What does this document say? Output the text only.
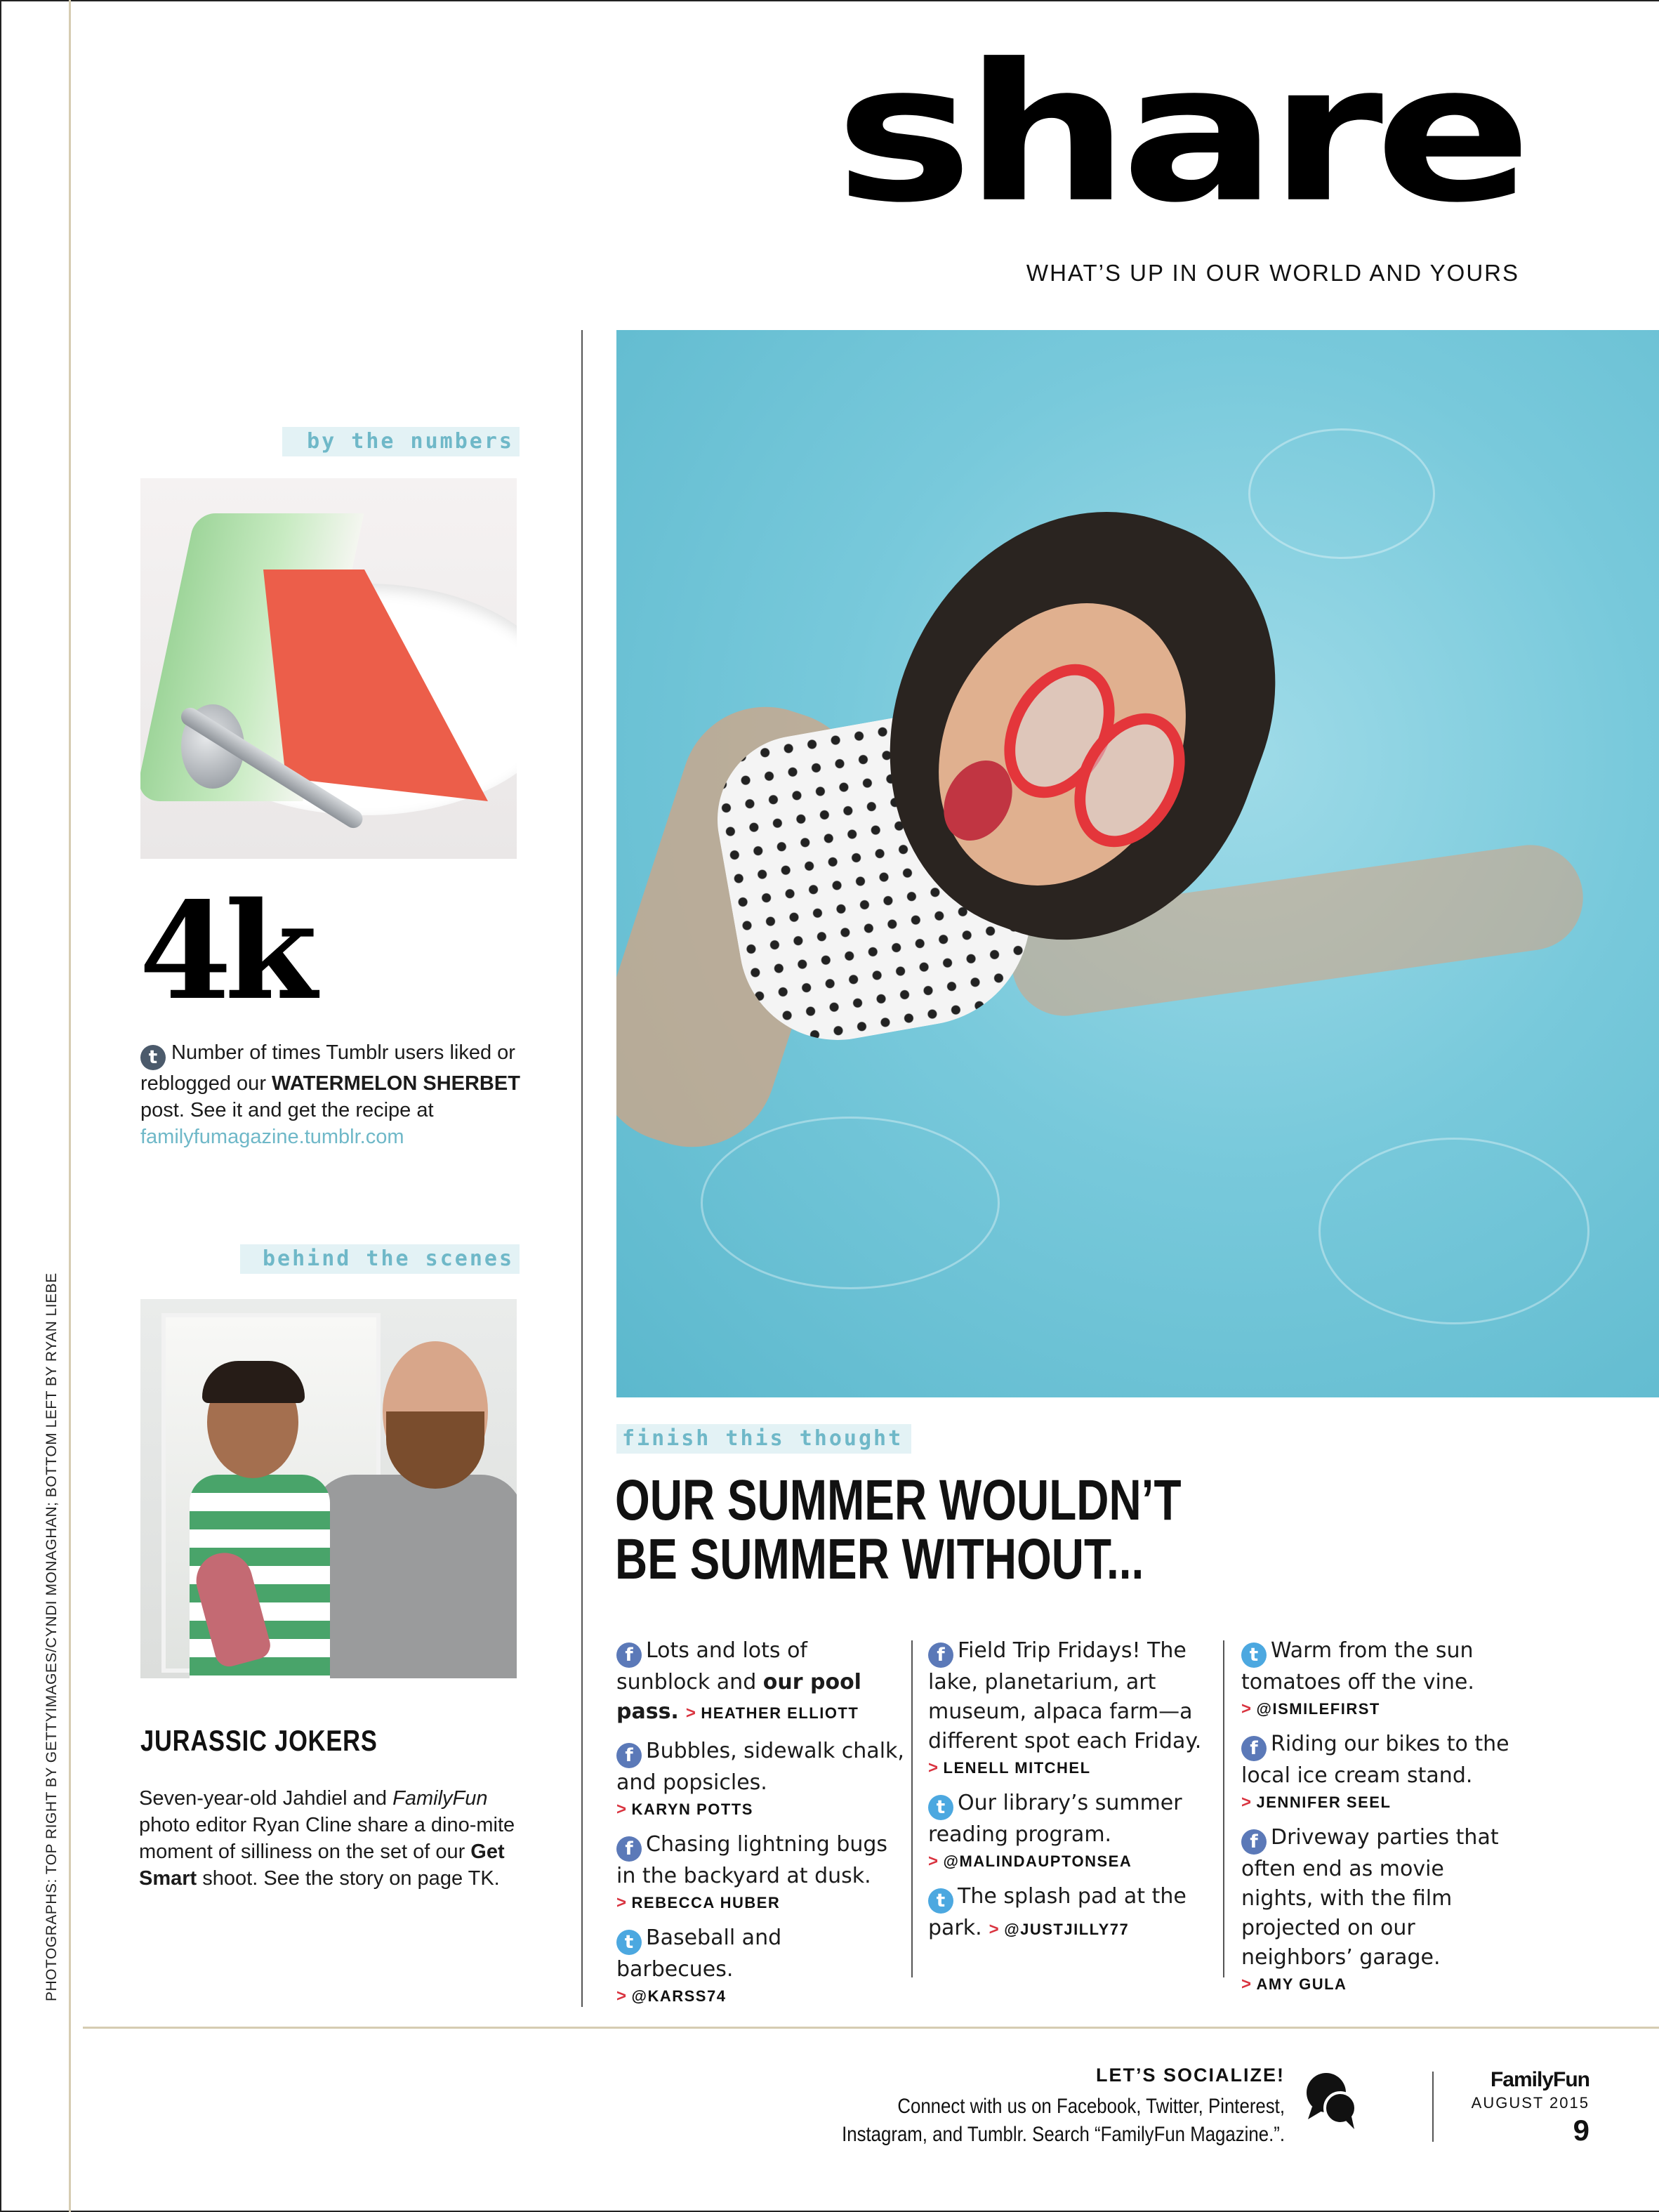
PHOTOGRAPHS: TOP RIGHT BY GETTYIMAGES/CYNDI MONAGHAN; BOTTOM LEFT BY RYAN LIEBE
share
WHAT’S UP IN OUR WORLD AND YOURS
by the numbers
4k
t Number of times Tumblr users liked or reblogged our WATERMELON SHERBET post. See it and get the recipe at familyfumagazine.tumblr.com
behind the scenes
JURASSIC JOKERS
Seven-year-old Jahdiel and FamilyFun photo editor Ryan Cline share a dino-mite moment of silliness on the set of our Get Smart shoot. See the story on page TK.
finish this thought
OUR SUMMER WOULDN’T
BE SUMMER WITHOUT...
f Lots and lots of sunblock and our pool pass. > HEATHER ELLIOTT
f Bubbles, sidewalk chalk, and popsicles.
> KARYN POTTS
f Chasing lightning bugs in the backyard at dusk.
> REBECCA HUBER
t Baseball and barbecues.
> @KARSS74
f Field Trip Fridays! The lake, planetarium, art museum, alpaca farm—a different spot each Friday.
> LENELL MITCHEL
t Our library’s summer reading program.
> @MALINDAUPTONSEA
t The splash pad at the park. > @JUSTJILLY77
t Warm from the sun tomatoes off the vine.
> @ISMILEFIRST
f Riding our bikes to the local ice cream stand.
> JENNIFER SEEL
f Driveway parties that often end as movie nights, with the film projected on our neighbors’ garage.
> AMY GULA
LET’S SOCIALIZE!
Connect with us on Facebook, Twitter, Pinterest,
Instagram, and Tumblr. Search “FamilyFun Magazine.”.
FamilyFun
AUGUST 2015
9
